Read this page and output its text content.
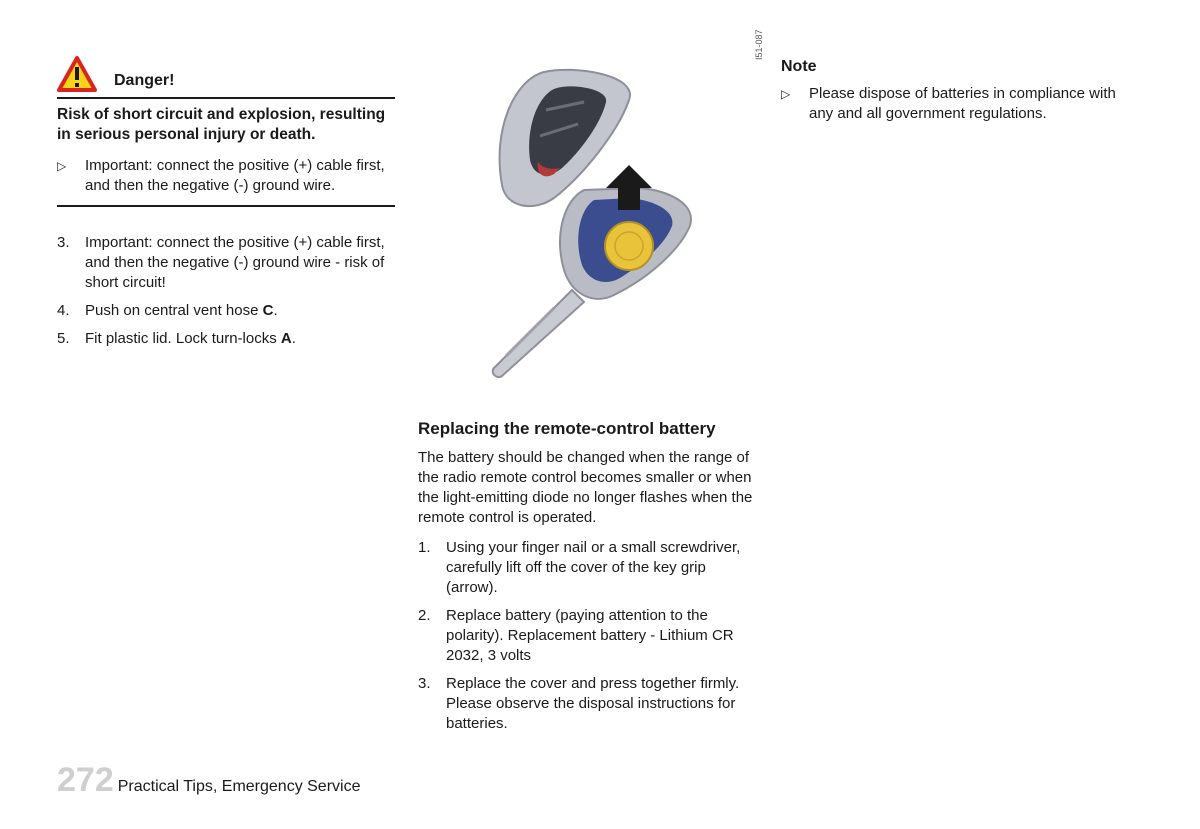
Danger!
Risk of short circuit and explosion, resulting in serious personal injury or death.
▷	Important: connect the positive (+) cable first, and then the negative (-) ground wire.
3.	Important: connect the positive (+) cable first, and then the negative (-) ground wire - risk of short circuit!
4.	Push on central vent hose C.
5.	Fit plastic lid. Lock turn-locks A.
I51-087
Replacing the remote-control battery
The battery should be changed when the range of the radio remote control becomes smaller or when the light-emitting diode no longer flashes when the remote control is operated.
1.	Using your finger nail or a small screwdriver, carefully lift off the cover of the key grip (arrow).
2.	Replace battery (paying attention to the polarity). Replacement battery - Lithium CR 2032, 3 volts
3.	Replace the cover and press together firmly. Please observe the disposal instructions for batteries.
Note
▷	Please dispose of batteries in compliance with any and all government regulations.
272 Practical Tips, Emergency Service
